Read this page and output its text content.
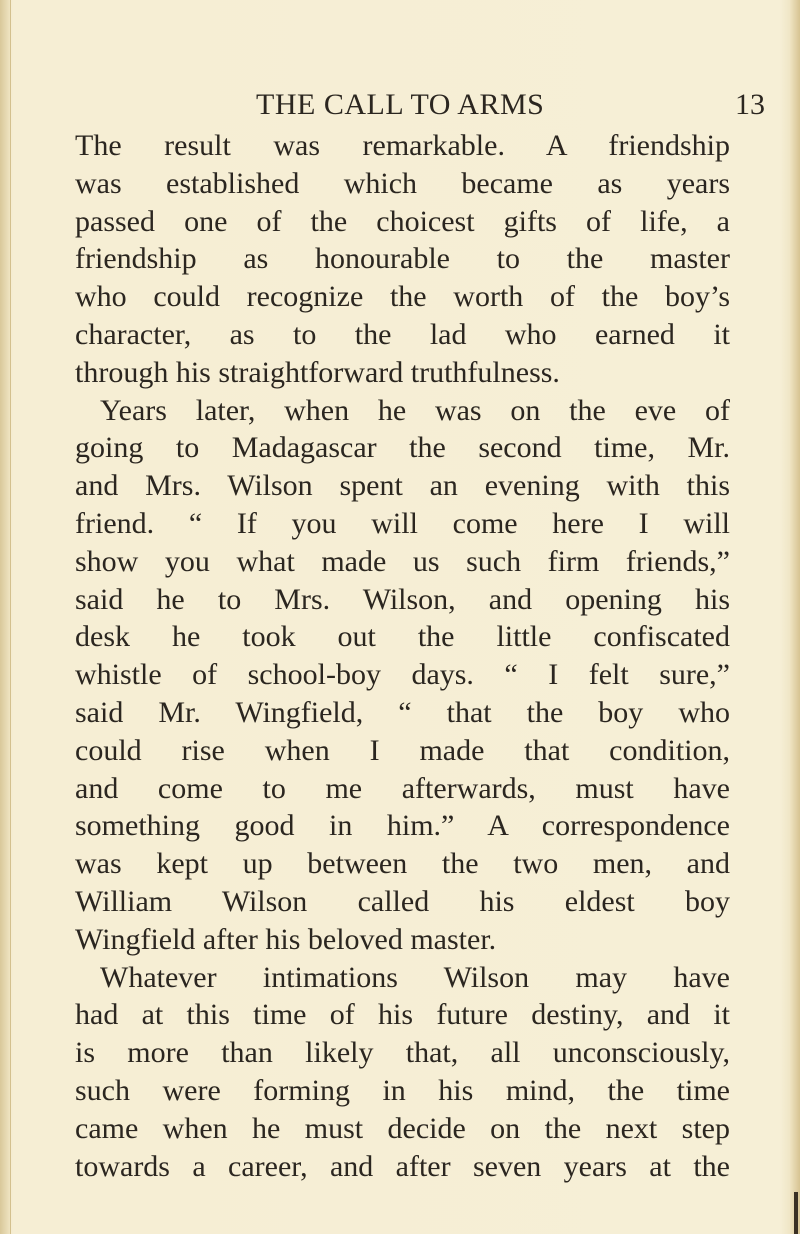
THE CALL TO ARMS	13
The result was remarkable. A friendship
was established which became as years
passed one of the choicest gifts of life, a
friendship as honourable to the master
who could recognize the worth of the boy’s
character, as to the lad who earned it
through his straightforward truthfulness.
Years later, when he was on the eve of
going to Madagascar the second time, Mr.
and Mrs. Wilson spent an evening with this
friend. “ If you will come here I will
show you what made us such firm friends,”
said he to Mrs. Wilson, and opening his
desk he took out the little confiscated
whistle of school-boy days. “ I felt sure,”
said Mr. Wingfield, “ that the boy who
could rise when I made that condition,
and come to me afterwards, must have
something good in him.” A correspondence
was kept up between the two men, and
William Wilson called his eldest boy
Wingfield after his beloved master.
Whatever intimations Wilson may have
had at this time of his future destiny, and it
is more than likely that, all unconsciously,
such were forming in his mind, the time
came when he must decide on the next step
towards a career, and after seven years at the
